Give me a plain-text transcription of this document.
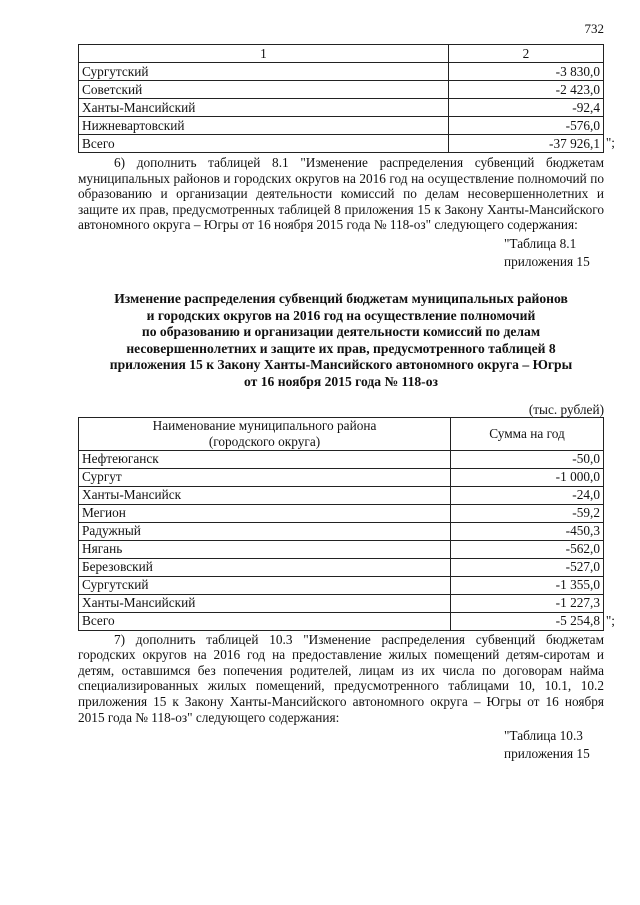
732
1	2
Сургутский	-3 830,0
Советский	-2 423,0
Ханты-Мансийский	-92,4
Нижневартовский	-576,0
Всего	-37 926,1 ";

6) дополнить таблицей 8.1 "Изменение распределения субвенций бюджетам муниципальных районов и городских округов на 2016 год на осуществление полномочий по образованию и организации деятельности комиссий по делам несовершеннолетних и защите их прав, предусмотренных таблицей 8 приложения 15 к Закону Ханты-Мансийского автономного округа – Югры от 16 ноября 2015 года № 118-оз" следующего содержания:

"Таблица 8.1
приложения 15
Изменение распределения субвенций бюджетам муниципальных районов
и городских округов на 2016 год на осуществление полномочий
по образованию и организации деятельности комиссий по делам
несовершеннолетних и защите их прав, предусмотренного таблицей 8
приложения 15 к Закону Ханты-Мансийского автономного округа – Югры
от 16 ноября 2015 года № 118-оз
(тыс. рублей)
Наименование муниципального района
(городского округа)	Сумма на год
Нефтеюганск	-50,0
Сургут	-1 000,0
Ханты-Мансийск	-24,0
Мегион	-59,2
Радужный	-450,3
Нягань	-562,0
Березовский	-527,0
Сургутский	-1 355,0
Ханты-Мансийский	-1 227,3
Всего	-5 254,8 ";

7) дополнить таблицей 10.3 "Изменение распределения субвенций бюджетам городских округов на 2016 год на предоставление жилых помещений детям-сиротам и детям, оставшимся без попечения родителей, лицам из их числа по договорам найма специализированных жилых помещений, предусмотренного таблицами 10, 10.1, 10.2 приложения 15 к Закону Ханты-Мансийского автономного округа – Югры от 16 ноября 2015 года № 118-оз" следующего содержания:

"Таблица 10.3
приложения 15
